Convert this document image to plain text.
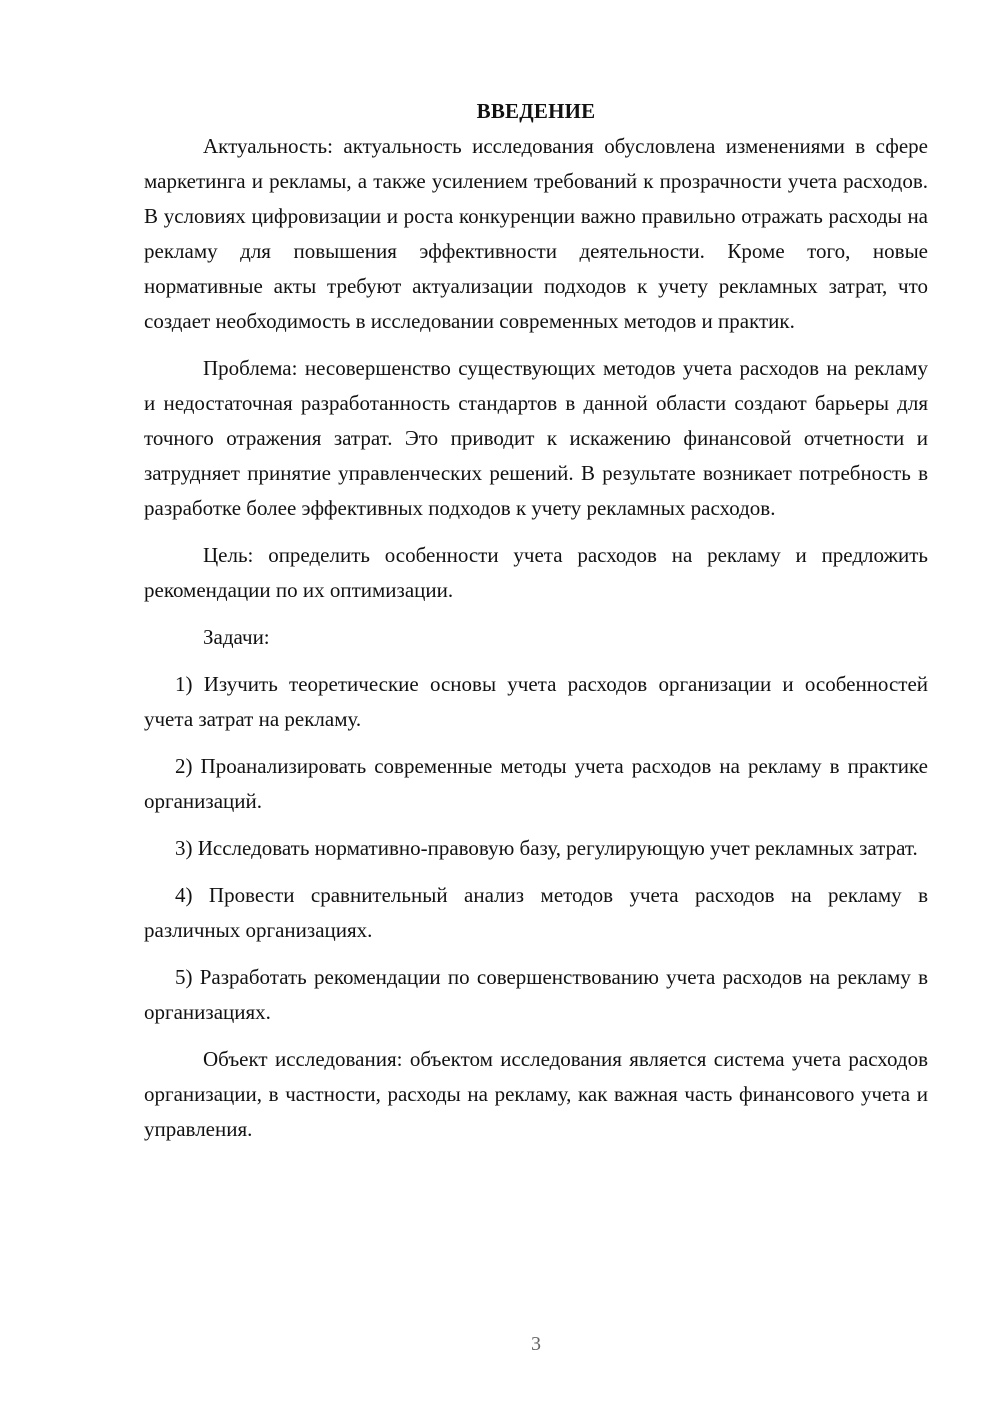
ВВЕДЕНИЕ

Актуальность: актуальность исследования обусловлена изменениями в сфере маркетинга и рекламы, а также усилением требований к прозрачности учета расходов. В условиях цифровизации и роста конкуренции важно правильно отражать расходы на рекламу для повышения эффективности деятельности. Кроме того, новые нормативные акты требуют актуализации подходов к учету рекламных затрат, что создает необходимость в исследовании современных методов и практик.

Проблема: несовершенство существующих методов учета расходов на рекламу и недостаточная разработанность стандартов в данной области создают барьеры для точного отражения затрат. Это приводит к искажению финансовой отчетности и затрудняет принятие управленческих решений. В результате возникает потребность в разработке более эффективных подходов к учету рекламных расходов.

Цель: определить особенности учета расходов на рекламу и предложить рекомендации по их оптимизации.

Задачи:

1) Изучить теоретические основы учета расходов организации и особенностей учета затрат на рекламу.

2) Проанализировать современные методы учета расходов на рекламу в практике организаций.

3) Исследовать нормативно-правовую базу, регулирующую учет рекламных затрат.

4) Провести сравнительный анализ методов учета расходов на рекламу в различных организациях.

5) Разработать рекомендации по совершенствованию учета расходов на рекламу в организациях.

Объект исследования: объектом исследования является система учета расходов организации, в частности, расходы на рекламу, как важная часть финансового учета и управления.

3
